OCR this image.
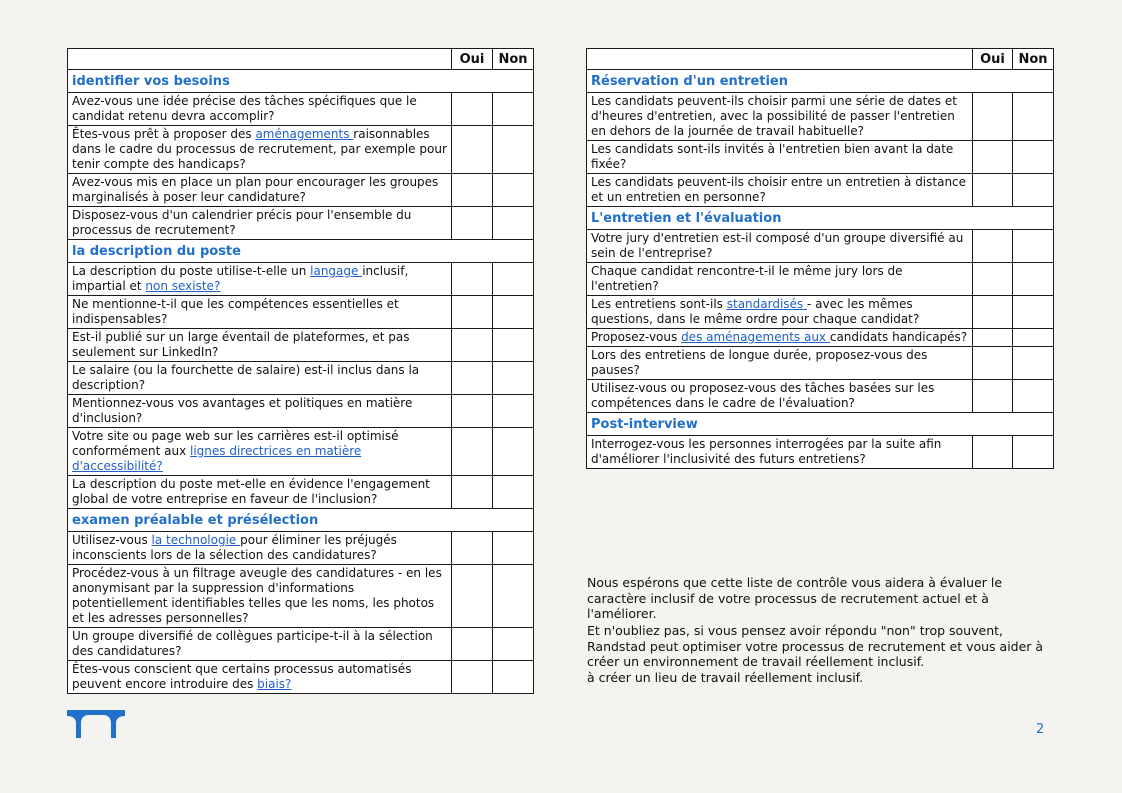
	Oui	Non
identifier vos besoins		
Avez-vous une idée précise des tâches spécifiques que le candidat retenu devra accomplir?		
Êtes-vous prêt à proposer des aménagements raisonnables dans le cadre du processus de recrutement, par exemple pour tenir compte des handicaps?		
Avez-vous mis en place un plan pour encourager les groupes marginalisés à poser leur candidature?		
Disposez-vous d'un calendrier précis pour l'ensemble du processus de recrutement?		
la description du poste		
La description du poste utilise-t-elle un langage inclusif, impartial et non sexiste?		
Ne mentionne-t-il que les compétences essentielles et indispensables?		
Est-il publié sur un large éventail de plateformes, et pas seulement sur LinkedIn?		
Le salaire (ou la fourchette de salaire) est-il inclus dans la description?		
Mentionnez-vous vos avantages et politiques en matière d'inclusion?		
Votre site ou page web sur les carrières est-il optimisé conformément aux lignes directrices en matière d'accessibilité?		
La description du poste met-elle en évidence l'engagement global de votre entreprise en faveur de l'inclusion?		
examen préalable et présélection		
Utilisez-vous la technologie pour éliminer les préjugés inconscients lors de la sélection des candidatures?		
Procédez-vous à un filtrage aveugle des candidatures - en les anonymisant par la suppression d'informations potentiellement identifiables telles que les noms, les photos et les adresses personnelles?		
Un groupe diversifié de collègues participe-t-il à la sélection des candidatures?		
Êtes-vous conscient que certains processus automatisés peuvent encore introduire des biais?		
	Oui	Non
Réservation d'un entretien		
Les candidats peuvent-ils choisir parmi une série de dates et d'heures d'entretien, avec la possibilité de passer l'entretien en dehors de la journée de travail habituelle?		
Les candidats sont-ils invités à l'entretien bien avant la date fixée?		
Les candidats peuvent-ils choisir entre un entretien à distance et un entretien en personne?		
L'entretien et l'évaluation		
Votre jury d'entretien est-il composé d'un groupe diversifié au sein de l'entreprise?		
Chaque candidat rencontre-t-il le même jury lors de l'entretien?		
Les entretiens sont-ils standardisés - avec les mêmes questions, dans le même ordre pour chaque candidat?		
Proposez-vous des aménagements aux candidats handicapés?		
Lors des entretiens de longue durée, proposez-vous des pauses?		
Utilisez-vous ou proposez-vous des tâches basées sur les compétences dans le cadre de l'évaluation?		
Post-interview		
Interrogez-vous les personnes interrogées par la suite afin d'améliorer l'inclusivité des futurs entretiens?		
Nous espérons que cette liste de contrôle vous aidera à évaluer le caractère inclusif de votre processus de recrutement actuel et à l'améliorer.
Et n'oubliez pas, si vous pensez avoir répondu "non" trop souvent, Randstad peut optimiser votre processus de recrutement et vous aider à créer un environnement de travail réellement inclusif.
à créer un lieu de travail réellement inclusif.
2
